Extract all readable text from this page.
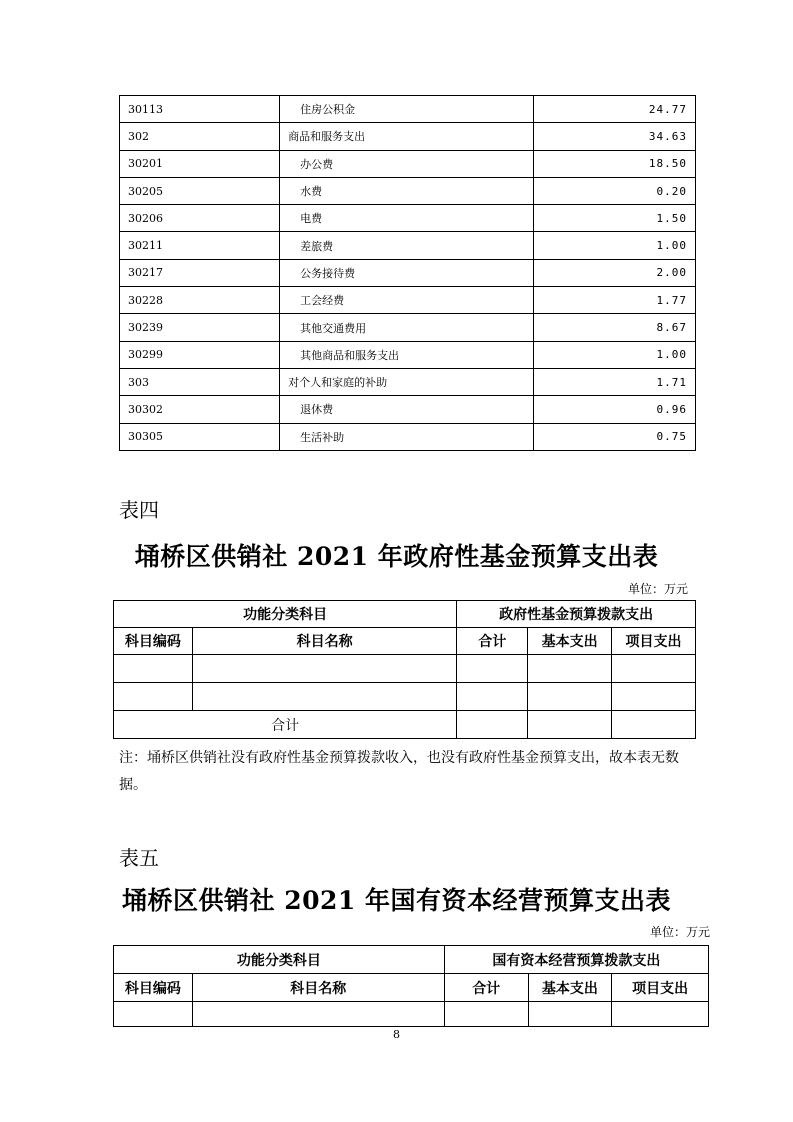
30113	住房公积金	24.77
302	商品和服务支出	34.63
30201	办公费	18.50
30205	水费	0.20
30206	电费	1.50
30211	差旅费	1.00
30217	公务接待费	2.00
30228	工会经费	1.77
30239	其他交通费用	8.67
30299	其他商品和服务支出	1.00
303	对个人和家庭的补助	1.71
30302	退休费	0.96
30305	生活补助	0.75
表四
埇桥区供销社 2021 年政府性基金预算支出表
单位：万元
功能分类科目		政府性基金预算拨款支出		
科目编码	科目名称	合计	基本支出	项目支出

合计				
注：埇桥区供销社没有政府性基金预算拨款收入，也没有政府性基金预算支出，故本表无数据。
表五
埇桥区供销社 2021 年国有资本经营预算支出表
单位：万元
功能分类科目		国有资本经营预算拨款支出		
科目编码	科目名称	合计	基本支出	项目支出

8
